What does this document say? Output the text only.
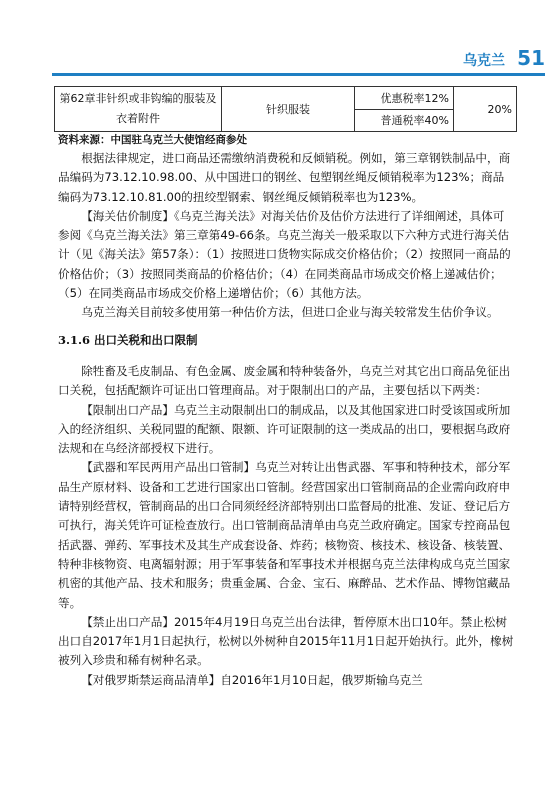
乌克兰 51
第62章非针织或非钩编的服装及衣着附件	针织服装	优惠税率12%	20%
普通税率40%

资料来源：中国驻乌克兰大使馆经商参处

根据法律规定，进口商品还需缴纳消费税和反倾销税。例如，第三章钢铁制品中，商品编码为73.12.10.98.00、从中国进口的钢丝、包塑钢丝绳反倾销税率为123%；商品编码为73.12.10.81.00的扭绞型钢索、钢丝绳反倾销税率也为123%。

【海关估价制度】《乌克兰海关法》对海关估价及估价方法进行了详细阐述，具体可参阅《乌克兰海关法》第三章第49-66条。乌克兰海关一般采取以下六种方式进行海关估计（见《海关法》第57条）：（1）按照进口货物实际成交价格估价；（2）按照同一商品的价格估价；（3）按照同类商品的价格估价；（4）在同类商品市场成交价格上递减估价；（5）在同类商品市场成交价格上递增估价；（6）其他方法。

乌克兰海关目前较多使用第一种估价方法，但进口企业与海关较常发生估价争议。

3.1.6 出口关税和出口限制

除牲畜及毛皮制品、有色金属、废金属和特种装备外，乌克兰对其它出口商品免征出口关税，包括配额许可证出口管理商品。对于限制出口的产品，主要包括以下两类：

【限制出口产品】乌克兰主动限制出口的制成品，以及其他国家进口时受该国或所加入的经济组织、关税同盟的配额、限额、许可证限制的这一类成品的出口，要根据乌政府法规和在乌经济部授权下进行。

【武器和军民两用产品出口管制】乌克兰对转让出售武器、军事和特种技术，部分军品生产原材料、设备和工艺进行国家出口管制。经营国家出口管制商品的企业需向政府申请特别经营权，管制商品的出口合同须经经济部特别出口监督局的批准、发证、登记后方可执行，海关凭许可证检查放行。出口管制商品清单由乌克兰政府确定。国家专控商品包括武器、弹药、军事技术及其生产成套设备、炸药；核物资、核技术、核设备、核装置、特种非核物资、电离辐射源；用于军事装备和军事技术并根据乌克兰法律构成乌克兰国家机密的其他产品、技术和服务；贵重金属、合金、宝石、麻醉品、艺术作品、博物馆藏品等。

【禁止出口产品】2015年4月19日乌克兰出台法律，暂停原木出口10年。禁止松树出口自2017年1月1日起执行，松树以外树种自2015年11月1日起开始执行。此外，橡树被列入珍贵和稀有树种名录。

【对俄罗斯禁运商品清单】自2016年1月10日起，俄罗斯输乌克兰
